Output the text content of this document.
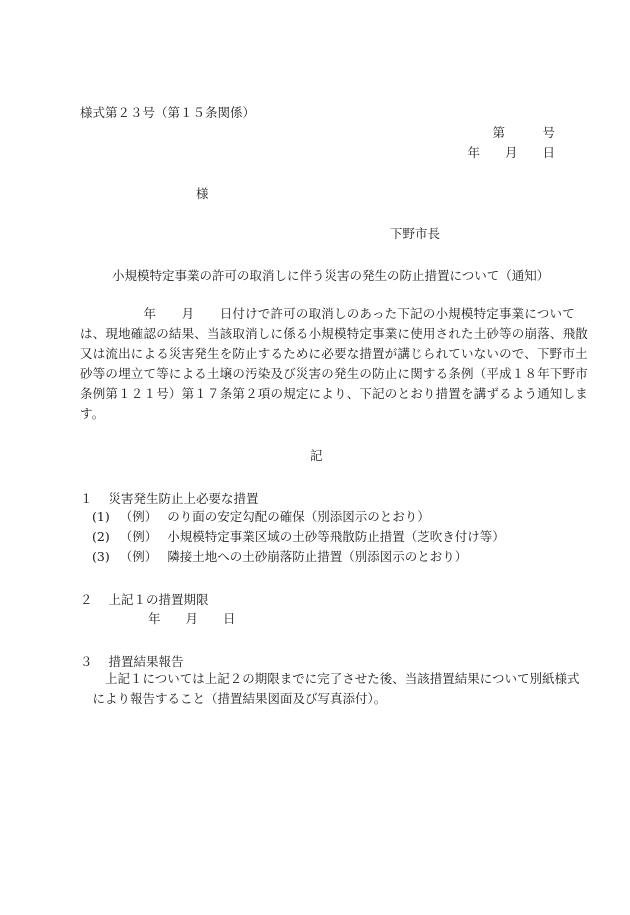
様式第２３号（第１５条関係）
第　　　号
年　　月　　日
様
下野市長
小規模特定事業の許可の取消しに伴う災害の発生の防止措置について（通知）
　　　　　年　　月　　日付けで許可の取消しのあった下記の小規模特定事業について
は、現地確認の結果、当該取消しに係る小規模特定事業に使用された土砂等の崩落、飛散
又は流出による災害発生を防止するために必要な措置が講じられていないので、下野市土
砂等の埋立て等による土壌の汚染及び災害の発生の防止に関する条例（平成１８年下野市
条例第１２１号）第１７条第２項の規定により、下記のとおり措置を講ずるよう通知しま
す。
記
１ 災害発生防止上必要な措置
(1) （例） のり面の安定勾配の確保（別添図示のとおり）
(2) （例） 小規模特定事業区域の土砂等飛散防止措置（芝吹き付け等）
(3) （例） 隣接土地への土砂崩落防止措置（別添図示のとおり）
２ 上記１の措置期限
年　　月　　日
３ 措置結果報告
　　上記１については上記２の期限までに完了させた後、当該措置結果について別紙様式
　により報告すること（措置結果図面及び写真添付）。
